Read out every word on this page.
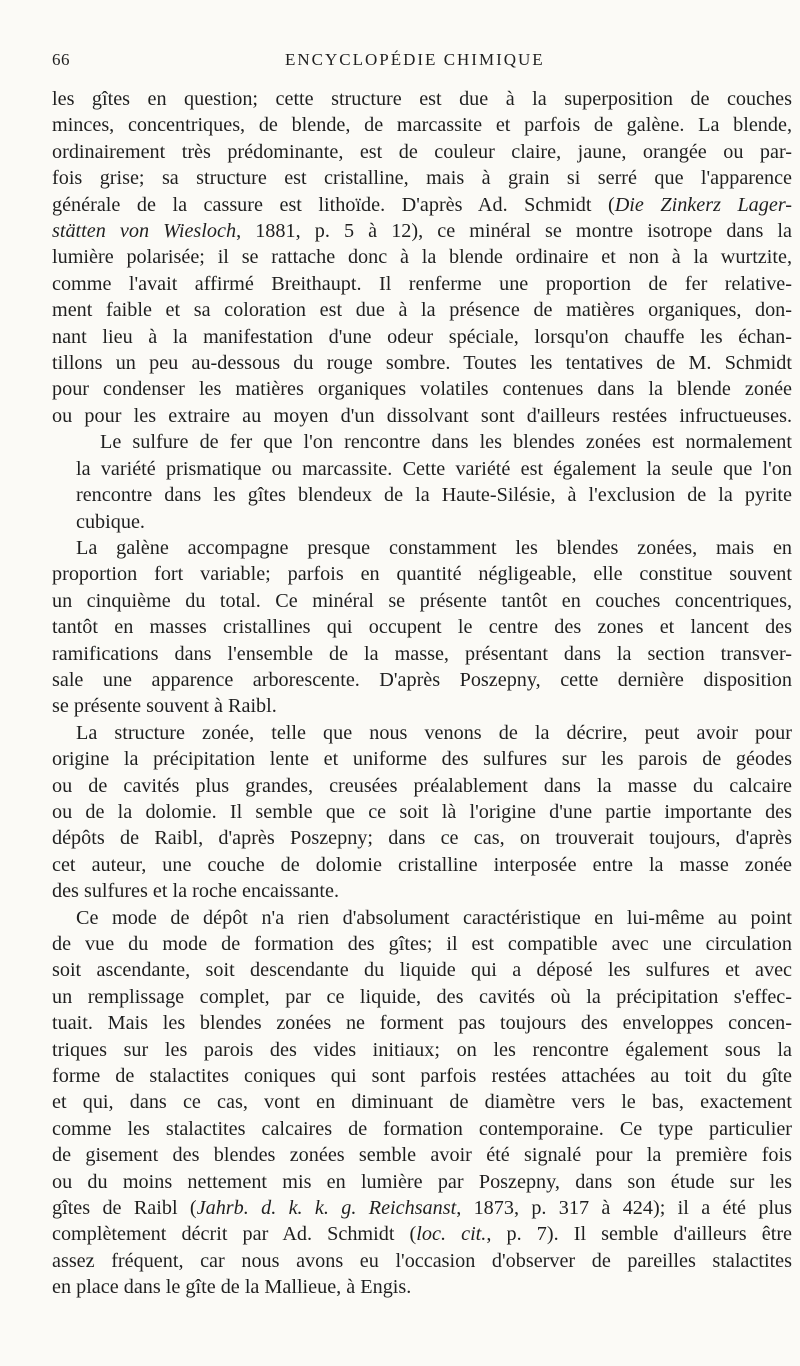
66	ENCYCLOPÉDIE CHIMIQUE

les gîtes en question; cette structure est due à la superposition de couches
minces, concentriques, de blende, de marcassite et parfois de galène. La blende,
ordinairement très prédominante, est de couleur claire, jaune, orangée ou par-
fois grise; sa structure est cristalline, mais à grain si serré que l'apparence
générale de la cassure est lithoïde. D'après Ad. Schmidt (Die Zinkerz Lager-
stätten von Wiesloch, 1881, p. 5 à 12), ce minéral se montre isotrope dans la
lumière polarisée; il se rattache donc à la blende ordinaire et non à la wurtzite,
comme l'avait affirmé Breithaupt. Il renferme une proportion de fer relative-
ment faible et sa coloration est due à la présence de matières organiques, don-
nant lieu à la manifestation d'une odeur spéciale, lorsqu'on chauffe les échan-
tillons un peu au-dessous du rouge sombre. Toutes les tentatives de M. Schmidt
pour condenser les matières organiques volatiles contenues dans la blende zonée
ou pour les extraire au moyen d'un dissolvant sont d'ailleurs restées infructueuses.

Le sulfure de fer que l'on rencontre dans les blendes zonées est normalement
la variété prismatique ou marcassite. Cette variété est également la seule que l'on
rencontre dans les gîtes blendeux de la Haute-Silésie, à l'exclusion de la pyrite
cubique.

La galène accompagne presque constamment les blendes zonées, mais en
proportion fort variable; parfois en quantité négligeable, elle constitue souvent
un cinquième du total. Ce minéral se présente tantôt en couches concentriques,
tantôt en masses cristallines qui occupent le centre des zones et lancent des
ramifications dans l'ensemble de la masse, présentant dans la section transver-
sale une apparence arborescente. D'après Poszepny, cette dernière disposition
se présente souvent à Raibl.

La structure zonée, telle que nous venons de la décrire, peut avoir pour
origine la précipitation lente et uniforme des sulfures sur les parois de géodes
ou de cavités plus grandes, creusées préalablement dans la masse du calcaire
ou de la dolomie. Il semble que ce soit là l'origine d'une partie importante des
dépôts de Raibl, d'après Poszepny; dans ce cas, on trouverait toujours, d'après
cet auteur, une couche de dolomie cristalline interposée entre la masse zonée
des sulfures et la roche encaissante.

Ce mode de dépôt n'a rien d'absolument caractéristique en lui-même au point
de vue du mode de formation des gîtes; il est compatible avec une circulation
soit ascendante, soit descendante du liquide qui a déposé les sulfures et avec
un remplissage complet, par ce liquide, des cavités où la précipitation s'effec-
tuait. Mais les blendes zonées ne forment pas toujours des enveloppes concen-
triques sur les parois des vides initiaux; on les rencontre également sous la
forme de stalactites coniques qui sont parfois restées attachées au toit du gîte
et qui, dans ce cas, vont en diminuant de diamètre vers le bas, exactement
comme les stalactites calcaires de formation contemporaine. Ce type particulier
de gisement des blendes zonées semble avoir été signalé pour la première fois
ou du moins nettement mis en lumière par Poszepny, dans son étude sur les
gîtes de Raibl (Jahrb. d. k. k. g. Reichsanst, 1873, p. 317 à 424); il a été plus
complètement décrit par Ad. Schmidt (loc. cit., p. 7). Il semble d'ailleurs être
assez fréquent, car nous avons eu l'occasion d'observer de pareilles stalactites
en place dans le gîte de la Mallieue, à Engis.
